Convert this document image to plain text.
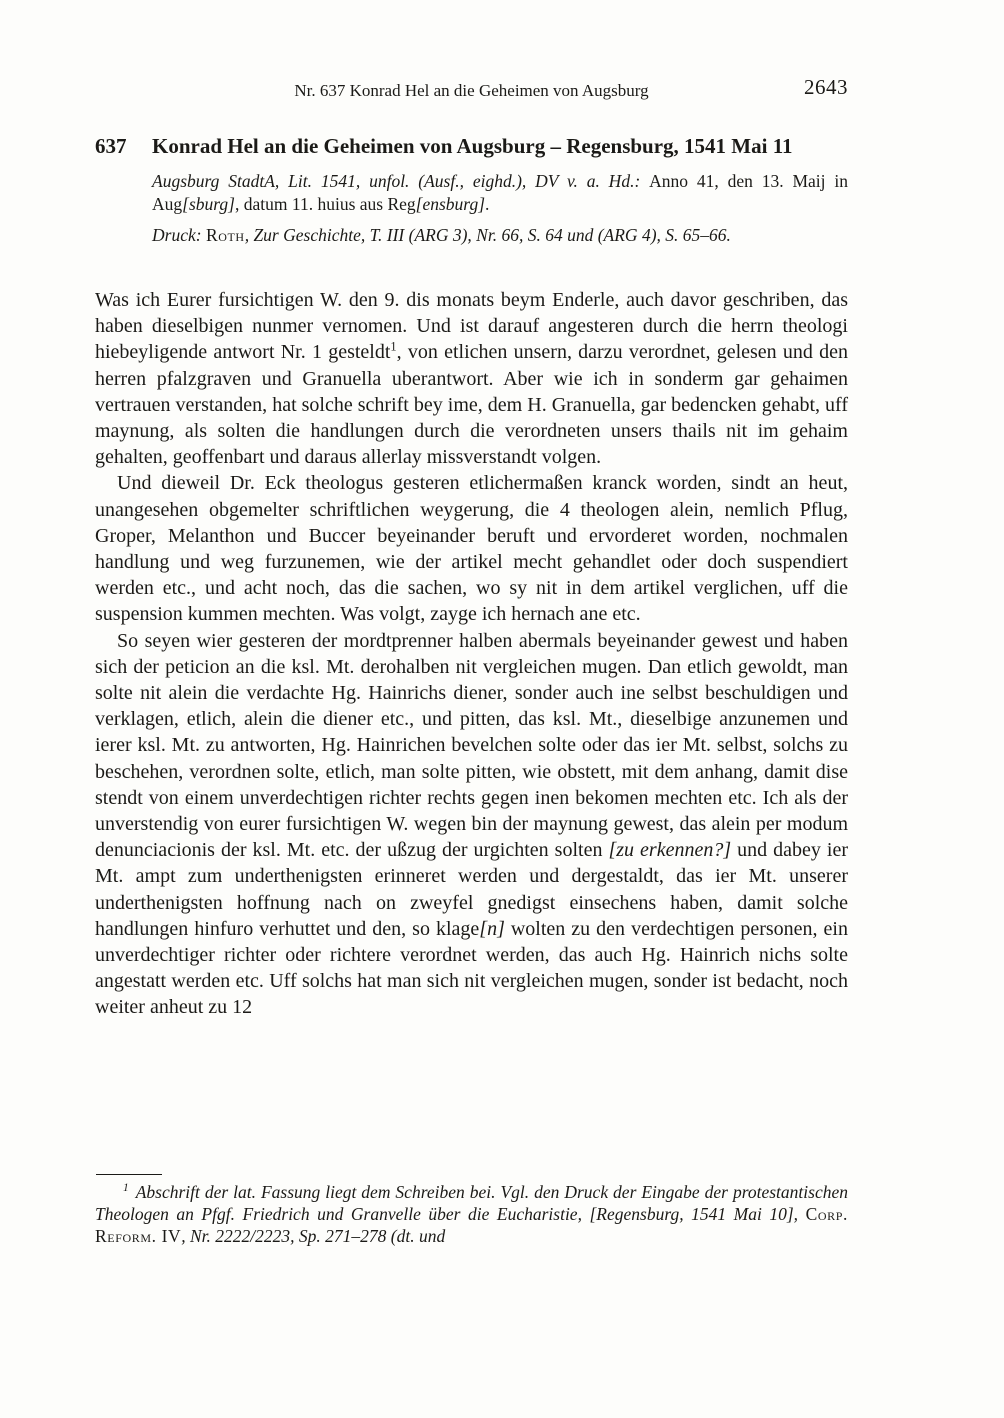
Nr. 637 Konrad Hel an die Geheimen von Augsburg	2643
637	Konrad Hel an die Geheimen von Augsburg – Regensburg, 1541 Mai 11

Augsburg StadtA, Lit. 1541, unfol. (Ausf., eighd.), DV v. a. Hd.: Anno 41, den 13. Maij in Aug[sburg], datum 11. huius aus Reg[ensburg].

Druck: Roth, Zur Geschichte, T. III (ARG 3), Nr. 66, S. 64 und (ARG 4), S. 65–66.

Was ich Eurer fursichtigen W. den 9. dis monats beym Enderle, auch davor geschriben, das haben dieselbigen nunmer vernomen. Und ist darauf angesteren durch die herrn theologi hiebeyligende antwort Nr. 1 gesteldt$^1$, von etlichen unsern, darzu verordnet, gelesen und den herren pfalzgraven und Granuella uberantwort. Aber wie ich in sonderm gar gehaimen vertrauen verstanden, hat solche schrift bey ime, dem H. Granuella, gar bedencken gehabt, uff maynung, als solten die handlungen durch die verordneten unsers thails nit im gehaim gehalten, geoffenbart und daraus allerlay missverstandt volgen.

Und dieweil Dr. Eck theologus gesteren etlichermaßen kranck worden, sindt an heut, unangesehen obgemelter schriftlichen weygerung, die 4 theologen alein, nemlich Pflug, Groper, Melanthon und Buccer beyeinander beruft und ervorderet worden, nochmalen handlung und weg furzunemen, wie der artikel mecht gehandlet oder doch suspendiert werden etc., und acht noch, das die sachen, wo sy nit in dem artikel verglichen, uff die suspension kummen mechten. Was volgt, zayge ich hernach ane etc.

So seyen wier gesteren der mordtprenner halben abermals beyeinander gewest und haben sich der peticion an die ksl. Mt. derohalben nit vergleichen mugen. Dan etlich gewoldt, man solte nit alein die verdachte Hg. Hainrichs diener, sonder auch ine selbst beschuldigen und verklagen, etlich, alein die diener etc., und pitten, das ksl. Mt., dieselbige anzunemen und ierer ksl. Mt. zu antworten, Hg. Hainrichen bevelchen solte oder das ier Mt. selbst, solchs zu beschehen, verordnen solte, etlich, man solte pitten, wie obstett, mit dem anhang, damit dise stendt von einem unverdechtigen richter rechts gegen inen bekomen mechten etc. Ich als der unverstendig von eurer fursichtigen W. wegen bin der maynung gewest, das alein per modum denunciacionis der ksl. Mt. etc. der ußzug der urgichten solten [zu erkennen?] und dabey ier Mt. ampt zum underthenigsten erinneret werden und dergestaldt, das ier Mt. unserer underthenigsten hoffnung nach on zweyfel gnedigst einsechens haben, damit solche handlungen hinfuro verhuttet und den, so klage[n] wolten zu den verdechtigen personen, ein unverdechtiger richter oder richtere verordnet werden, das auch Hg. Hainrich nichs solte angestatt werden etc. Uff solchs hat man sich nit vergleichen mugen, sonder ist bedacht, noch weiter anheut zu 12

$^1$ Abschrift der lat. Fassung liegt dem Schreiben bei. Vgl. den Druck der Eingabe der protestantischen Theologen an Pfgf. Friedrich und Granvelle über die Eucharistie, [Regensburg, 1541 Mai 10], Corp. Reform. IV, Nr. 2222/2223, Sp. 271–278 (dt. und
